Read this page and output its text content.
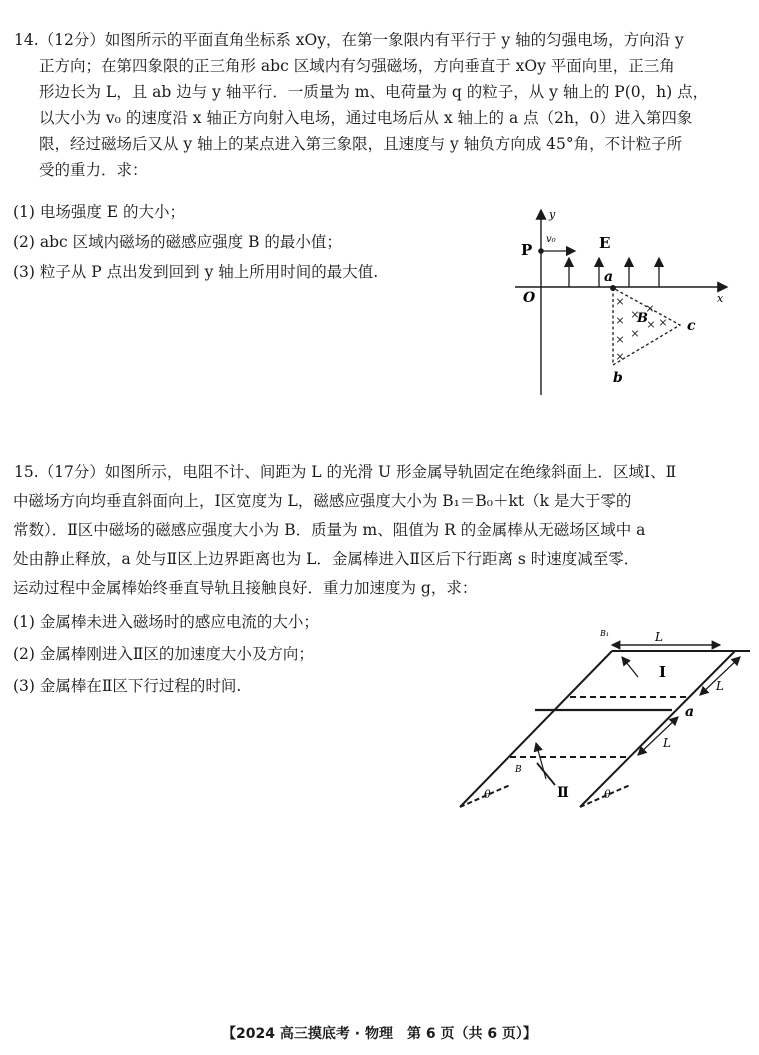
14.（12分）如图所示的平面直角坐标系 xOy，在第一象限内有平行于 y 轴的匀强电场，方向沿 y
正方向；在第四象限的正三角形 abc 区域内有匀强磁场，方向垂直于 xOy 平面向里，正三角
形边长为 L，且 ab 边与 y 轴平行．一质量为 m、电荷量为 q 的粒子，从 y 轴上的 P(0，h) 点，
以大小为 v₀ 的速度沿 x 轴正方向射入电场，通过电场后从 x 轴上的 a 点（2h，0）进入第四象
限，经过磁场后又从 y 轴上的某点进入第三象限，且速度与 y 轴负方向成 45°角，不计粒子所
受的重力．求：
(1) 电场强度 E 的大小；
(2) abc 区域内磁场的磁感应强度 B 的最小值；
(3) 粒子从 P 点出发到回到 y 轴上所用时间的最大值.
y
x
O
P
v₀	E
a
b
c
B
×
× ×
× ×
× ×
×
×
15.（17分）如图所示，电阻不计、间距为 L 的光滑 U 形金属导轨固定在绝缘斜面上．区域Ⅰ、Ⅱ
中磁场方向均垂直斜面向上，Ⅰ区宽度为 L，磁感应强度大小为 B₁＝B₀＋kt（k 是大于零的
常数）．Ⅱ区中磁场的磁感应强度大小为 B．质量为 m、阻值为 R 的金属棒从无磁场区域中 a
处由静止释放，a 处与Ⅱ区上边界距离也为 L．金属棒进入Ⅱ区后下行距离 s 时速度减至零．
运动过程中金属棒始终垂直导轨且接触良好．重力加速度为 g，求：
(1) 金属棒未进入磁场时的感应电流的大小；
(2) 金属棒刚进入Ⅱ区的加速度大小及方向；
(3) 金属棒在Ⅱ区下行过程的时间.
B₁	L
Ⅰ
L
a
L
B
Ⅱ
θ	θ
【2024 高三摸底考 · 物理　第 6 页（共 6 页）】
